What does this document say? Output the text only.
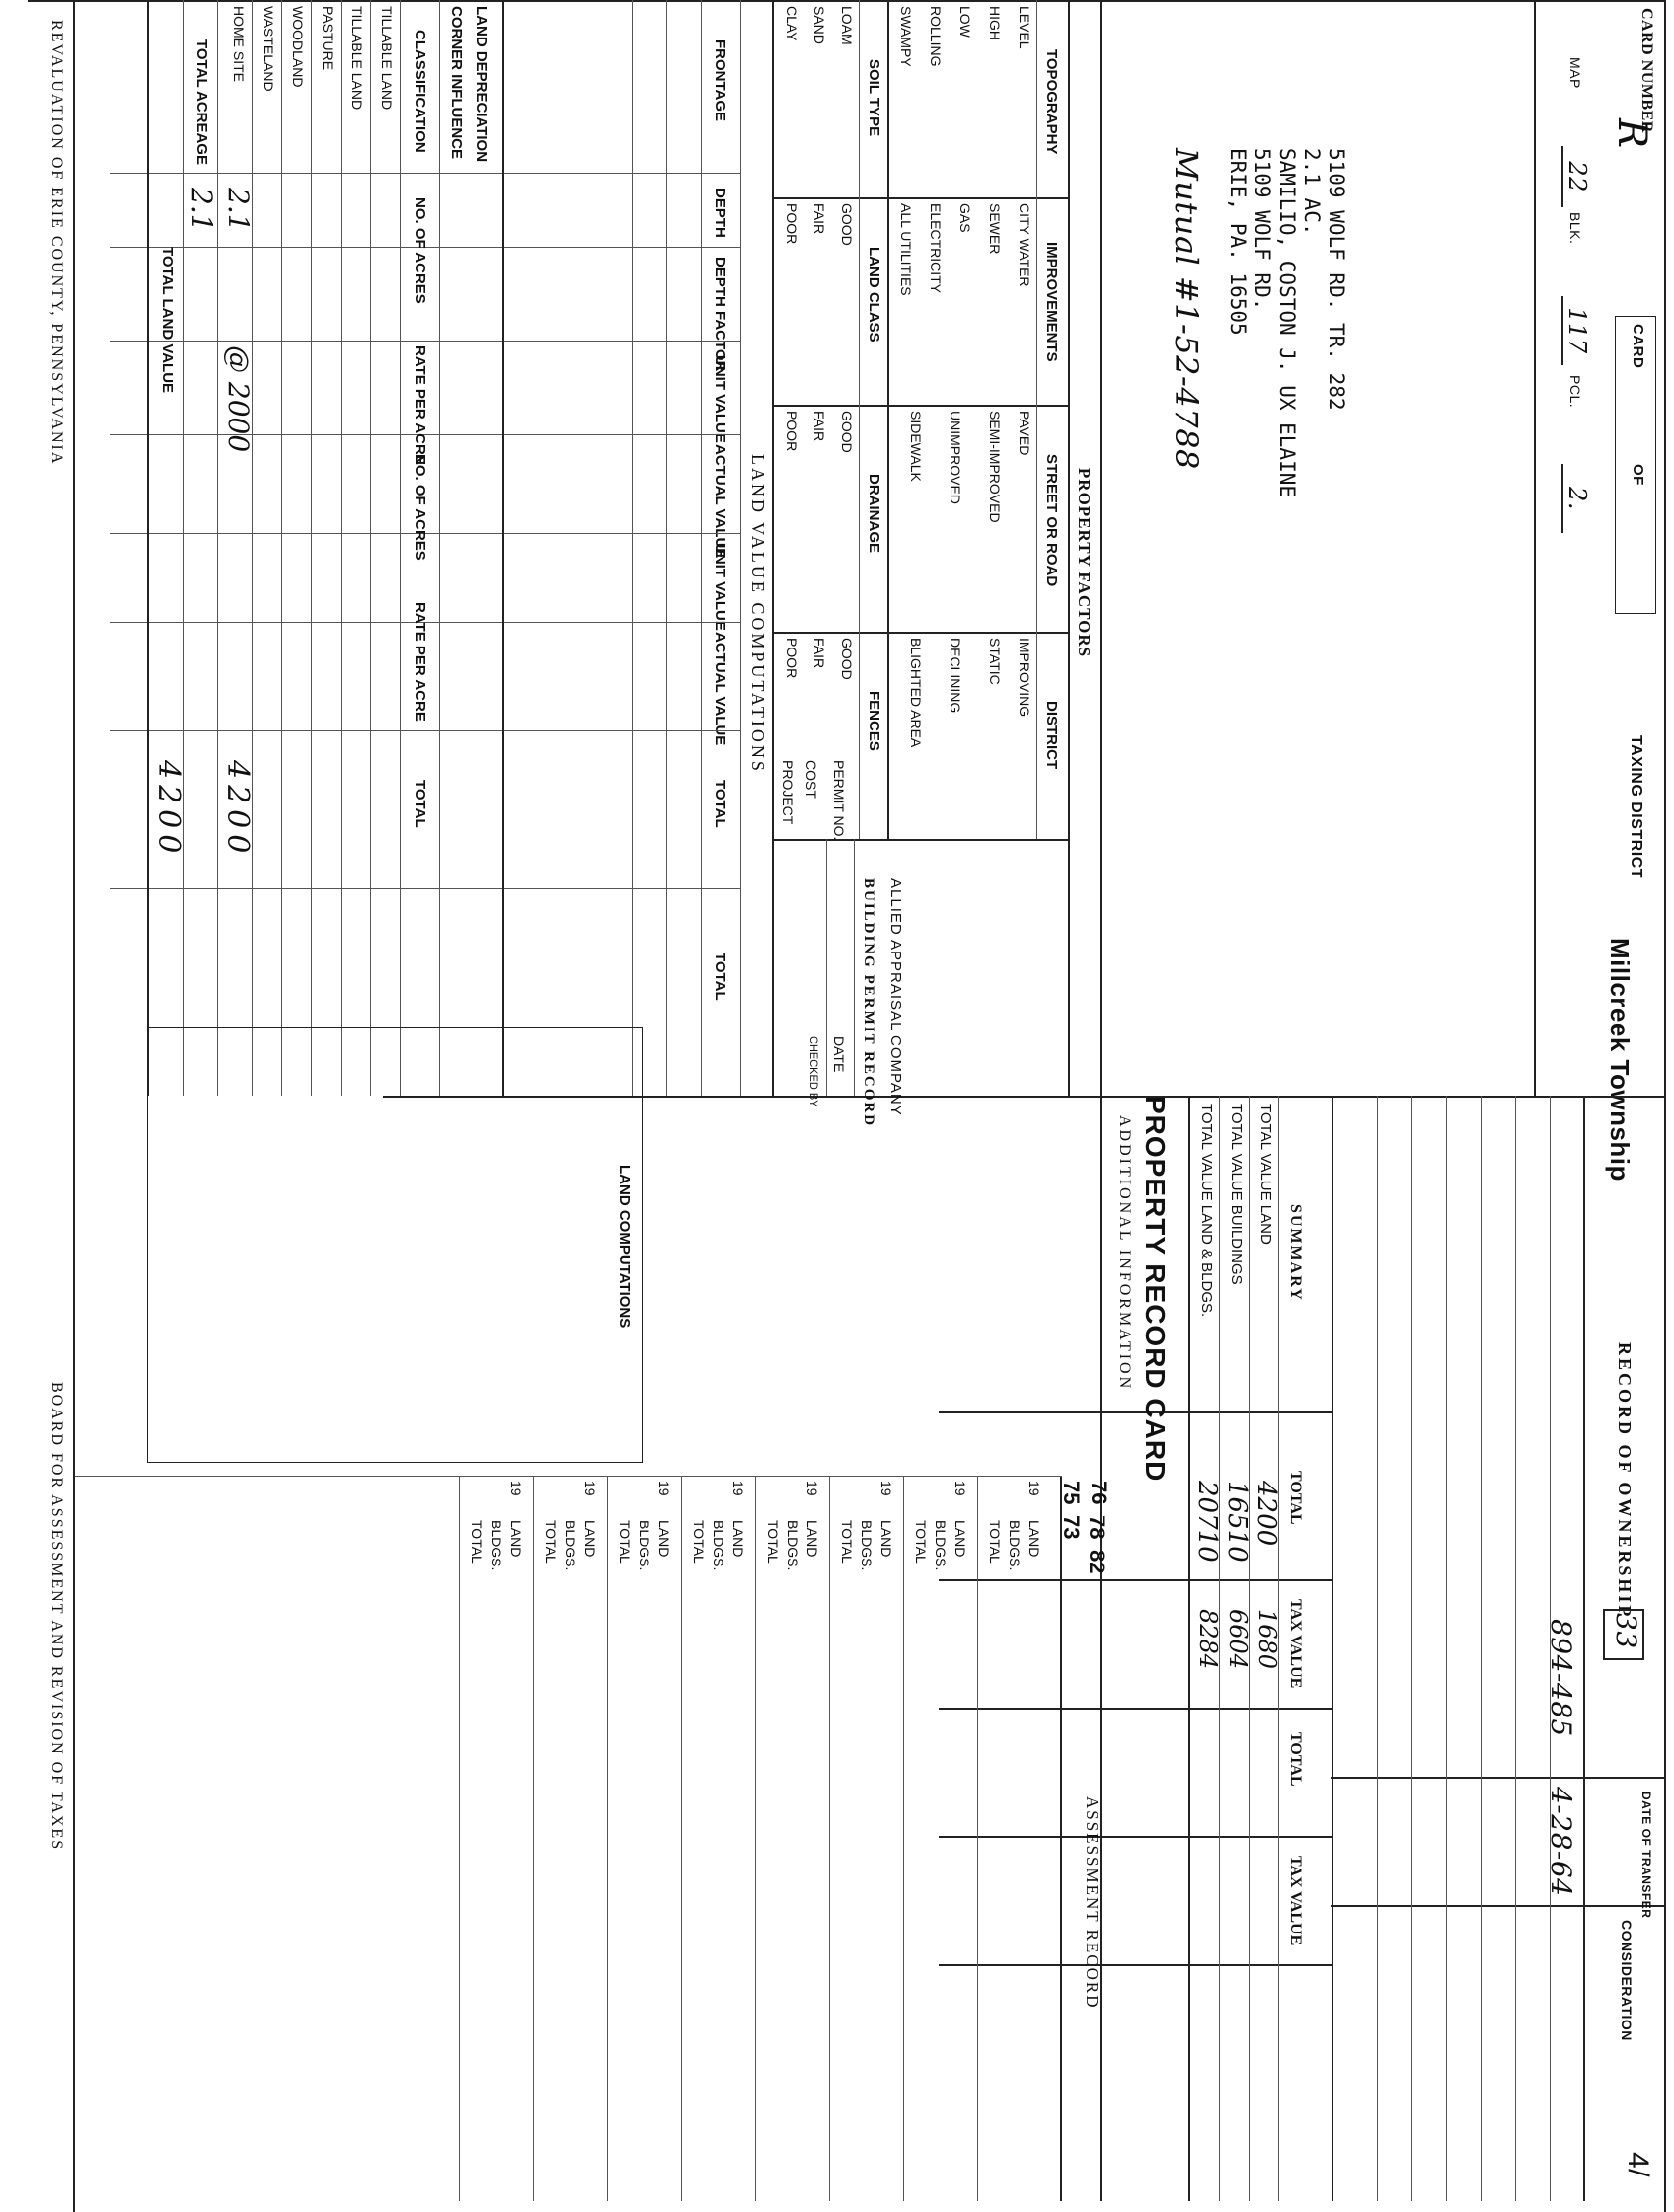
CARD NUMBER
R
MAP
22
BLK.
117
PCL.
2.
CARD
OF
TAXING DISTRICT
Millcreek Township
5109 WOLF RD. TR. 282
2.1 AC.
SAMILIO, COSTON J. UX ELAINE
5109 WOLF RD.
ERIE, PA. 16505
Mutual #1-52-4788
RECORD OF OWNERSHIP
33
DATE OF TRANSFER
CONSIDERATION
4/
894-485
4-28-64
PROPERTY FACTORS
TOPOGRAPHY
IMPROVEMENTS
STREET OR ROAD
DISTRICT
LEVEL
HIGH
LOW
ROLLING
SWAMPY
CITY WATER
SEWER
GAS
ELECTRICITY
ALL UTILITIES
PAVED
SEMI-IMPROVED
UNIMPROVED
SIDEWALK
IMPROVING
STATIC
DECLINING
BLIGHTED AREA
SOIL TYPE
LAND CLASS
DRAINAGE
FENCES
LOAM
SAND
CLAY
GOOD
FAIR
POOR
GOOD
FAIR
POOR
GOOD
FAIR
POOR
PERMIT NO.
DATE
COST
CHECKED BY
PROJECT
BUILDING PERMIT RECORD ALLIED APPRAISAL COMPANY
SUMMARY
TOTAL
TAX VALUE
TOTAL
TAX VALUE
TOTAL VALUE LAND
4200
1680
TOTAL VALUE BUILDINGS
16510
6604
TOTAL VALUE LAND & BLDGS.
20710
8284
PROPERTY RECORD CARD
ADDITIONAL INFORMATION
LAND VALUE COMPUTATIONS
FRONTAGE
DEPTH
DEPTH FACTOR
UNIT VALUE
ACTUAL VALUE
UNIT VALUE
ACTUAL VALUE
TOTAL
TOTAL
LAND DEPRECIATION
CORNER INFLUENCE
CLASSIFICATION
NO. OF ACRES
RATE PER ACRE
NO. OF ACRES
RATE PER ACRE
TOTAL
TILLABLE LAND
TILLABLE LAND
PASTURE
WOODLAND
WASTELAND
HOME SITE
2.1
@ 2000
4200
TOTAL ACREAGE
2.1
TOTAL LAND VALUE
4200
LAND COMPUTATIONS
ASSESSMENT RECORD
19
LAND
BLDGS.
TOTAL
19
LAND
BLDGS.
TOTAL
19
LAND
BLDGS.
TOTAL
19
LAND
BLDGS.
TOTAL
19
LAND
BLDGS.
TOTAL
19
LAND
BLDGS.
TOTAL
19
LAND
BLDGS.
TOTAL
19
LAND
BLDGS.
TOTAL
76
78
75
73
82
REVALUATION OF ERIE COUNTY, PENNSYLVANIA
BOARD FOR ASSESSMENT AND REVISION OF TAXES
